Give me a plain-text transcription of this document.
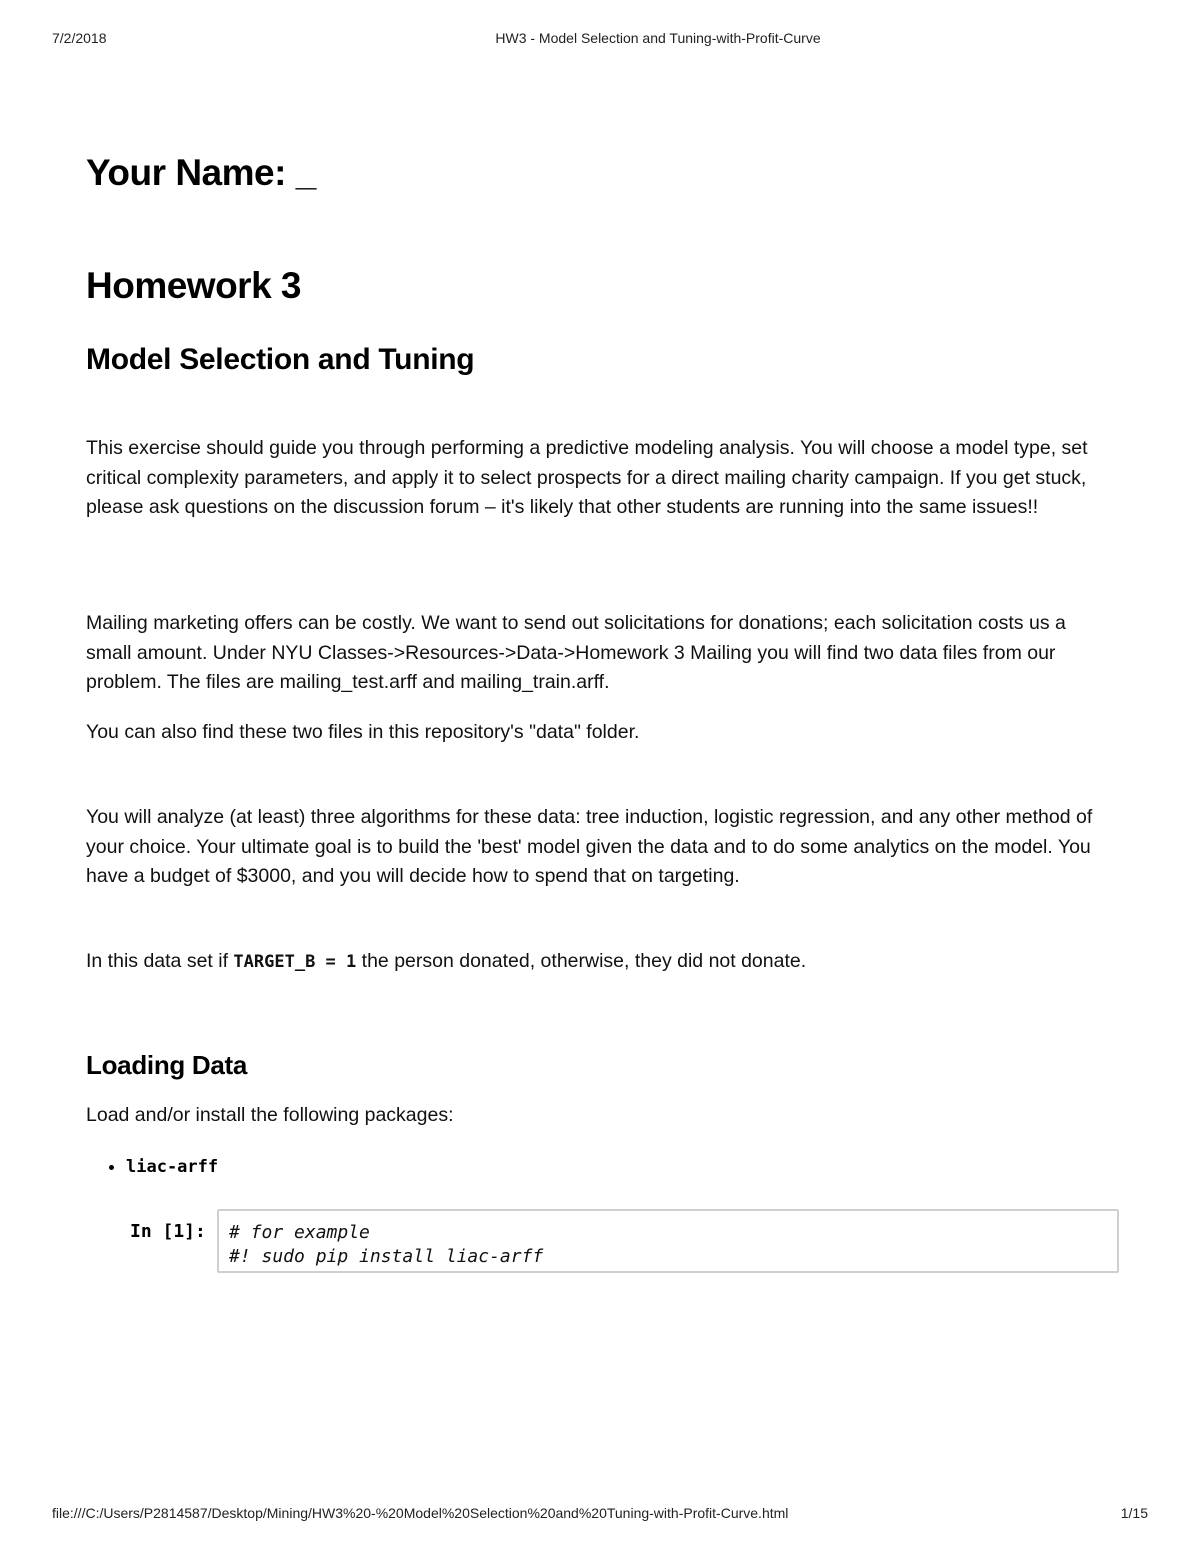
7/2/2018	HW3 - Model Selection and Tuning-with-Profit-Curve
Your Name: _
Homework 3
Model Selection and Tuning

This exercise should guide you through performing a predictive modeling analysis. You will choose a model type, set critical complexity parameters, and apply it to select prospects for a direct mailing charity campaign. If you get stuck, please ask questions on the discussion forum – it's likely that other students are running into the same issues!!

Mailing marketing offers can be costly. We want to send out solicitations for donations; each solicitation costs us a small amount. Under NYU Classes->Resources->Data->Homework 3 Mailing you will find two data files from our problem. The files are mailing_test.arff and mailing_train.arff.

You can also find these two files in this repository's "data" folder.

You will analyze (at least) three algorithms for these data: tree induction, logistic regression, and any other method of your choice. Your ultimate goal is to build the 'best' model given the data and to do some analytics on the model. You have a budget of $3000, and you will decide how to spend that on targeting.

In this data set if TARGET_B = 1 the person donated, otherwise, they did not donate.

Loading Data

Load and/or install the following packages:

• liac-arff
In [1]: # for example
#! sudo pip install liac-arff
file:///C:/Users/P2814587/Desktop/Mining/HW3%20-%20Model%20Selection%20and%20Tuning-with-Profit-Curve.html	1/15
